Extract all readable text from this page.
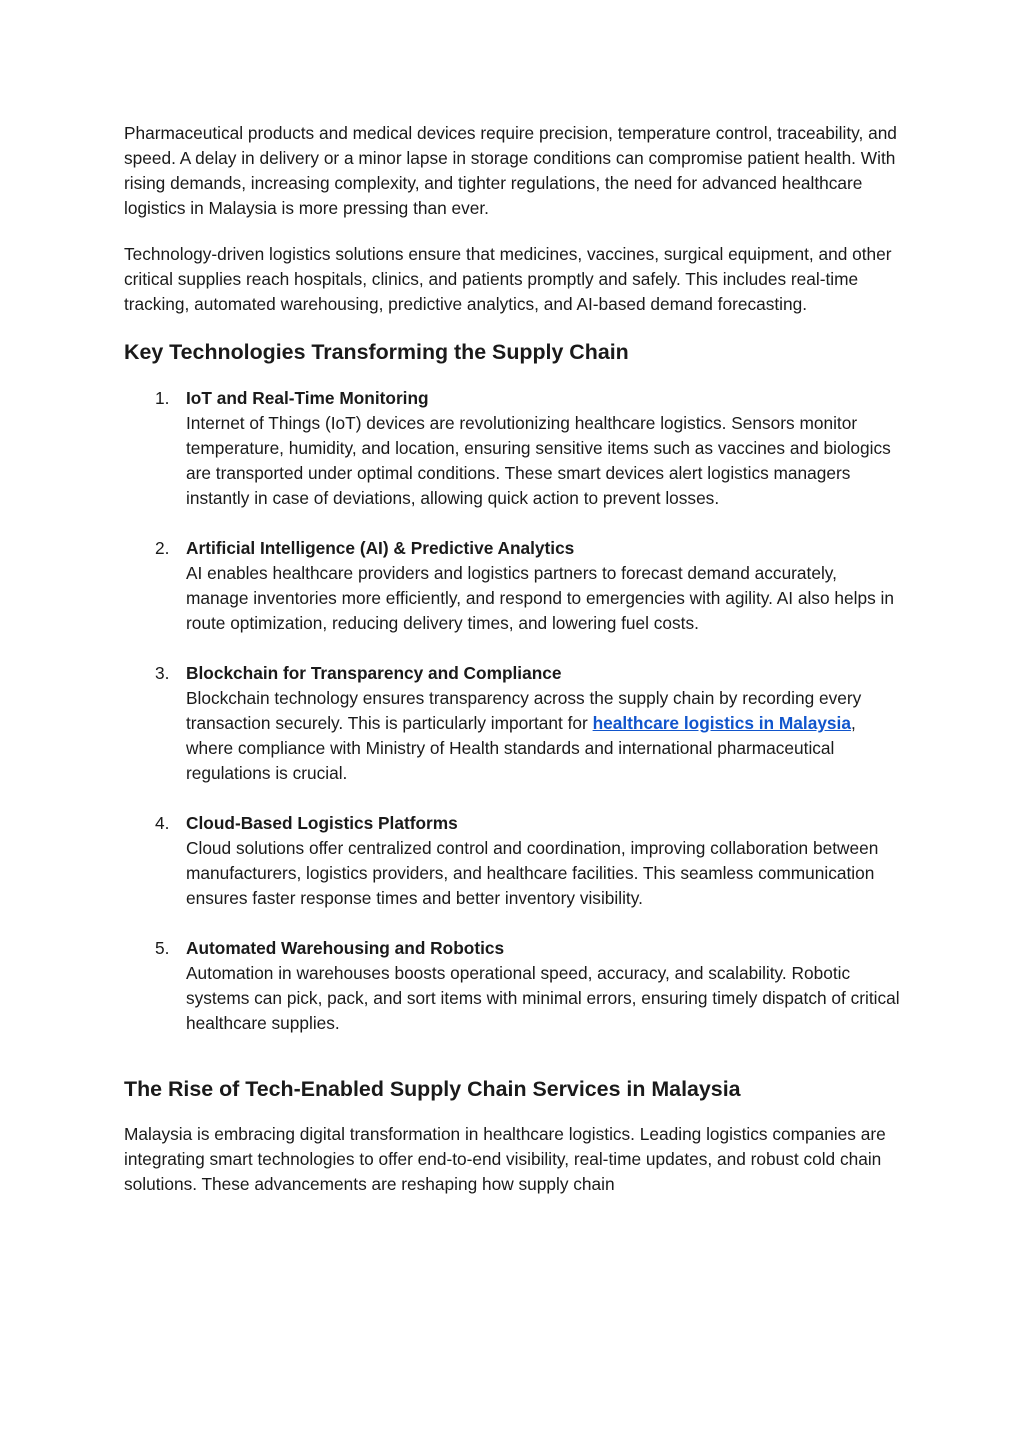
Pharmaceutical products and medical devices require precision, temperature control, traceability, and speed. A delay in delivery or a minor lapse in storage conditions can compromise patient health. With rising demands, increasing complexity, and tighter regulations, the need for advanced healthcare logistics in Malaysia is more pressing than ever.

Technology-driven logistics solutions ensure that medicines, vaccines, surgical equipment, and other critical supplies reach hospitals, clinics, and patients promptly and safely. This includes real-time tracking, automated warehousing, predictive analytics, and AI-based demand forecasting.

Key Technologies Transforming the Supply Chain
1. IoT and Real-Time Monitoring
Internet of Things (IoT) devices are revolutionizing healthcare logistics. Sensors monitor temperature, humidity, and location, ensuring sensitive items such as vaccines and biologics are transported under optimal conditions. These smart devices alert logistics managers instantly in case of deviations, allowing quick action to prevent losses.
2. Artificial Intelligence (AI) & Predictive Analytics
AI enables healthcare providers and logistics partners to forecast demand accurately, manage inventories more efficiently, and respond to emergencies with agility. AI also helps in route optimization, reducing delivery times, and lowering fuel costs.
3. Blockchain for Transparency and Compliance
Blockchain technology ensures transparency across the supply chain by recording every transaction securely. This is particularly important for healthcare logistics in Malaysia, where compliance with Ministry of Health standards and international pharmaceutical regulations is crucial.
4. Cloud-Based Logistics Platforms
Cloud solutions offer centralized control and coordination, improving collaboration between manufacturers, logistics providers, and healthcare facilities. This seamless communication ensures faster response times and better inventory visibility.
5. Automated Warehousing and Robotics
Automation in warehouses boosts operational speed, accuracy, and scalability. Robotic systems can pick, pack, and sort items with minimal errors, ensuring timely dispatch of critical healthcare supplies.
The Rise of Tech-Enabled Supply Chain Services in Malaysia

Malaysia is embracing digital transformation in healthcare logistics. Leading logistics companies are integrating smart technologies to offer end-to-end visibility, real-time updates, and robust cold chain solutions. These advancements are reshaping how supply chain
